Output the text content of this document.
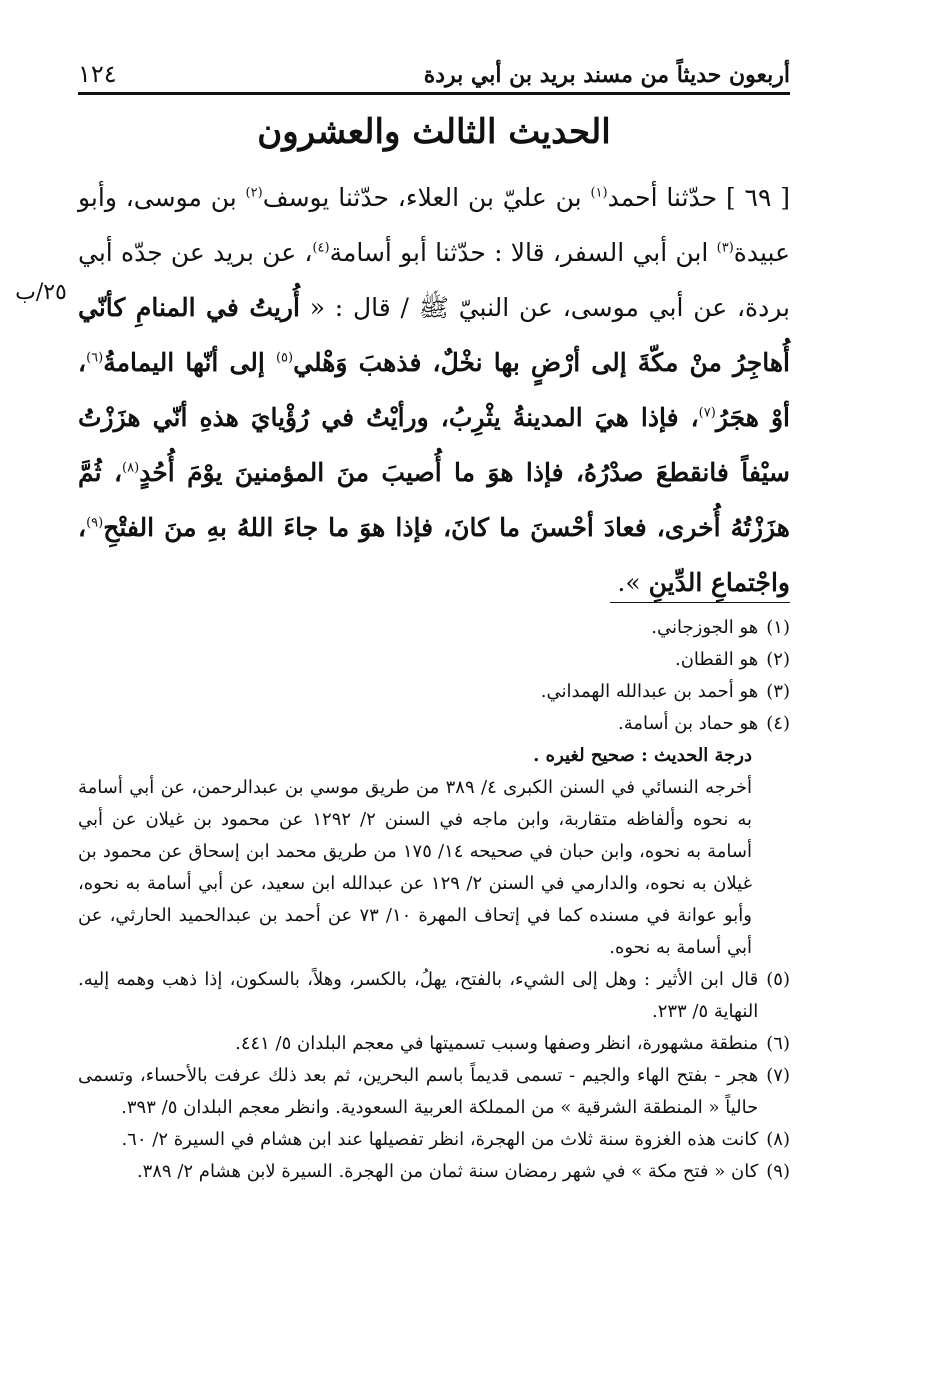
١٢٤	أربعون حديثاً من مسند بريد بن أبي بردة
الحديث الثالث والعشرون
٢٥/ب

[ ٦٩ ] حدّثنا أحمد$^{(١)}$ بن عليّ بن العلاء، حدّثنا يوسف$^{(٢)}$ بن موسى، وأبو عبيدة$^{(٣)}$ ابن أبي السفر، قالا : حدّثنا أبو أسامة$^{(٤)}$، عن بريد عن جدّه أبي بردة، عن أبي موسى، عن النبيّ ﷺ / قال : « أُريتُ في المنامِ كأنّي أُهاجِرُ منْ مكّةَ إلى أرْضٍ بها نخْلٌ، فذهبَ وَهْلي$^{(٥)}$ إلى أنّها اليمامةُ$^{(٦)}$، أوْ هجَرُ$^{(٧)}$، فإذا هيَ المدينةُ يثْرِبُ، ورأيْتُ في رُؤْيايَ هذهِ أنّي هزَزْتُ سيْفاً فانقطعَ صدْرُهُ، فإذا هوَ ما أُصيبَ منَ المؤمنينَ يوْمَ أُحُدٍ$^{(٨)}$، ثُمَّ هزَزْتُهُ أُخرى، فعادَ أحْسنَ ما كانَ، فإذا هوَ ما جاءَ اللهُ بهِ منَ الفتْحِ$^{(٩)}$، واجْتماعِ الدِّينِ ».

(١)
هو الجوزجاني.
(٢)
هو القطان.
(٣)
هو أحمد بن عبدالله الهمداني.
(٤)
هو حماد بن أسامة.
درجة الحديث : صحيح لغيره .
أخرجه النسائي في السنن الكبرى ٤/ ٣٨٩ من طريق موسي بن عبدالرحمن، عن أبي أسامة به نحوه وألفاظه متقاربة، وابن ماجه في السنن ٢/ ١٢٩٢ عن محمود بن غيلان عن أبي أسامة به نحوه، وابن حبان في صحيحه ١٤/ ١٧٥ من طريق محمد ابن إسحاق عن محمود بن غيلان به نحوه، والدارمي في السنن ٢/ ١٢٩ عن عبدالله ابن سعيد، عن أبي أسامة به نحوه، وأبو عوانة في مسنده كما في إتحاف المهرة ١٠/ ٧٣ عن أحمد بن عبدالحميد الحارثي، عن أبي أسامة به نحوه.
(٥)
قال ابن الأثير : وهل إلى الشيء، بالفتح، يهلُ، بالكسر، وهلاً، بالسكون، إذا ذهب وهمه إليه. النهاية ٥/ ٢٣٣.
(٦)
منطقة مشهورة، انظر وصفها وسبب تسميتها في معجم البلدان ٥/ ٤٤١.
(٧)
هجر - بفتح الهاء والجيم - تسمى قديماً باسم البحرين، ثم بعد ذلك عرفت بالأحساء، وتسمى حالياً « المنطقة الشرقية » من المملكة العربية السعودية. وانظر معجم البلدان ٥/ ٣٩٣.
(٨)
كانت هذه الغزوة سنة ثلاث من الهجرة، انظر تفصيلها عند ابن هشام في السيرة ٢/ ٦٠.
(٩)
كان « فتح مكة » في شهر رمضان سنة ثمان من الهجرة. السيرة لابن هشام ٢/ ٣٨٩.
